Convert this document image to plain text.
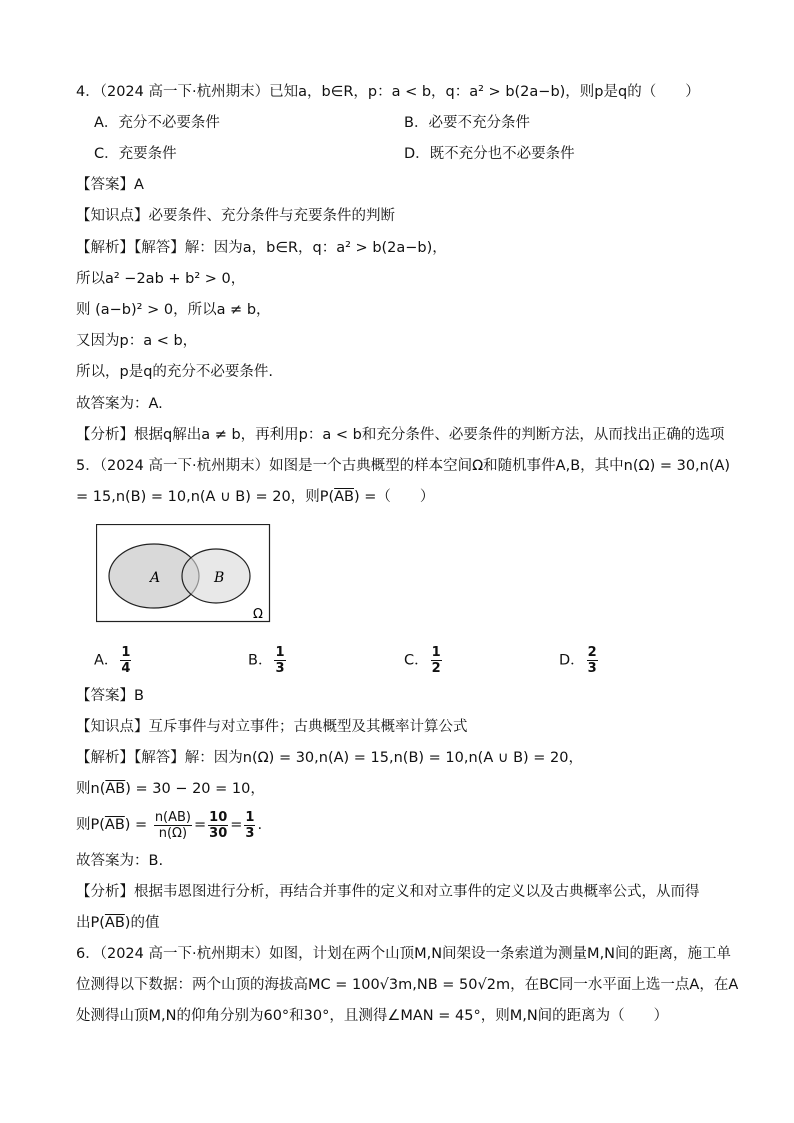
4．（2024 高一下·杭州期末）已知a，b∈R，p：a < b，q：a² > b(2a−b)，则p是q的（　　）
A．充分不必要条件	B．必要不充分条件
C．充要条件	D．既不充分也不必要条件
【答案】A
【知识点】必要条件、充分条件与充要条件的判断
【解析】【解答】解：因为a，b∈R，q：a² > b(2a−b)，
所以a² −2ab + b² > 0，
则 (a−b)² > 0，所以a ≠ b，
又因为p：a < b，
所以，p是q的充分不必要条件.
故答案为：A.
【分析】根据q解出a ≠ b，再利用p：a < b和充分条件、必要条件的判断方法，从而找出正确的选项
5．（2024 高一下·杭州期末）如图是一个古典概型的样本空间Ω和随机事件A,B，其中n(Ω) = 30,n(A)
= 15,n(B) = 10,n(A ∪ B) = 20，则$P(\overline{AB})$ =（　　）
A	B
Ω
A． $\frac{1}{4}$	B． $\frac{1}{3}$	C． $\frac{1}{2}$	D． $\frac{2}{3}$
【答案】B
【知识点】互斥事件与对立事件；古典概型及其概率计算公式
【解析】【解答】解：因为n(Ω) = 30,n(A) = 15,n(B) = 10,n(A ∪ B) = 20，
则$n(\overline{AB}) = 30 - 20 = 10$，
则$P(\overline{AB}) = \frac{n(AB)}{n(\Omega)} = \frac{10}{30} = \frac{1}{3}$ .
故答案为：B.
【分析】根据韦恩图进行分析，再结合并事件的定义和对立事件的定义以及古典概率公式，从而得
出$P(\overline{AB})$的值
6．（2024 高一下·杭州期末）如图，计划在两个山顶M,N间架设一条索道为测量M,N间的距离，施工单
位测得以下数据：两个山顶的海拔高MC = 100√3m,NB = 50√2m，在BC同一水平面上选一点A，在A
处测得山顶M,N的仰角分别为60°和30°，且测得∠MAN = 45°，则M,N间的距离为（　　）
